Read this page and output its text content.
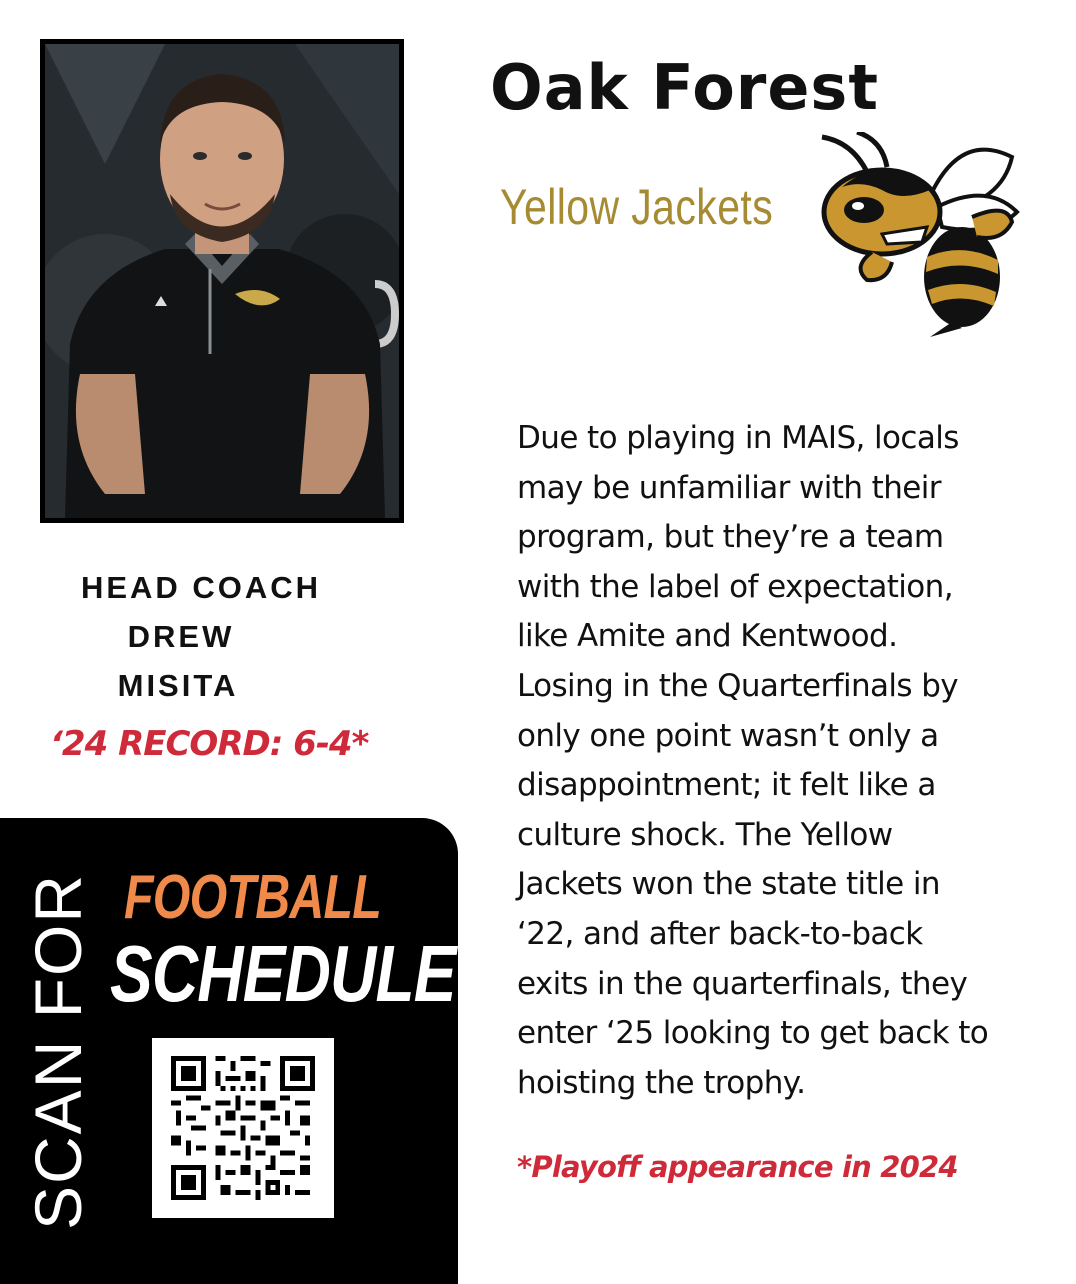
Oak Forest
Yellow Jackets
HEAD COACH
DREW
MISITA
‘24 RECORD: 6-4*

Due to playing in MAIS, locals may be unfamiliar with their program, but they’re a team with the label of expectation, like Amite and Kentwood. Losing in the Quarterfinals by only one point wasn’t only a disappointment; it felt like a culture shock. The Yellow Jackets won the state title in ‘22, and after back-to-back exits in the quarterfinals, they enter ‘25 looking to get back to hoisting the trophy.

*Playoff appearance in 2024
SCAN FOR FOOTBALL
SCHEDULE
